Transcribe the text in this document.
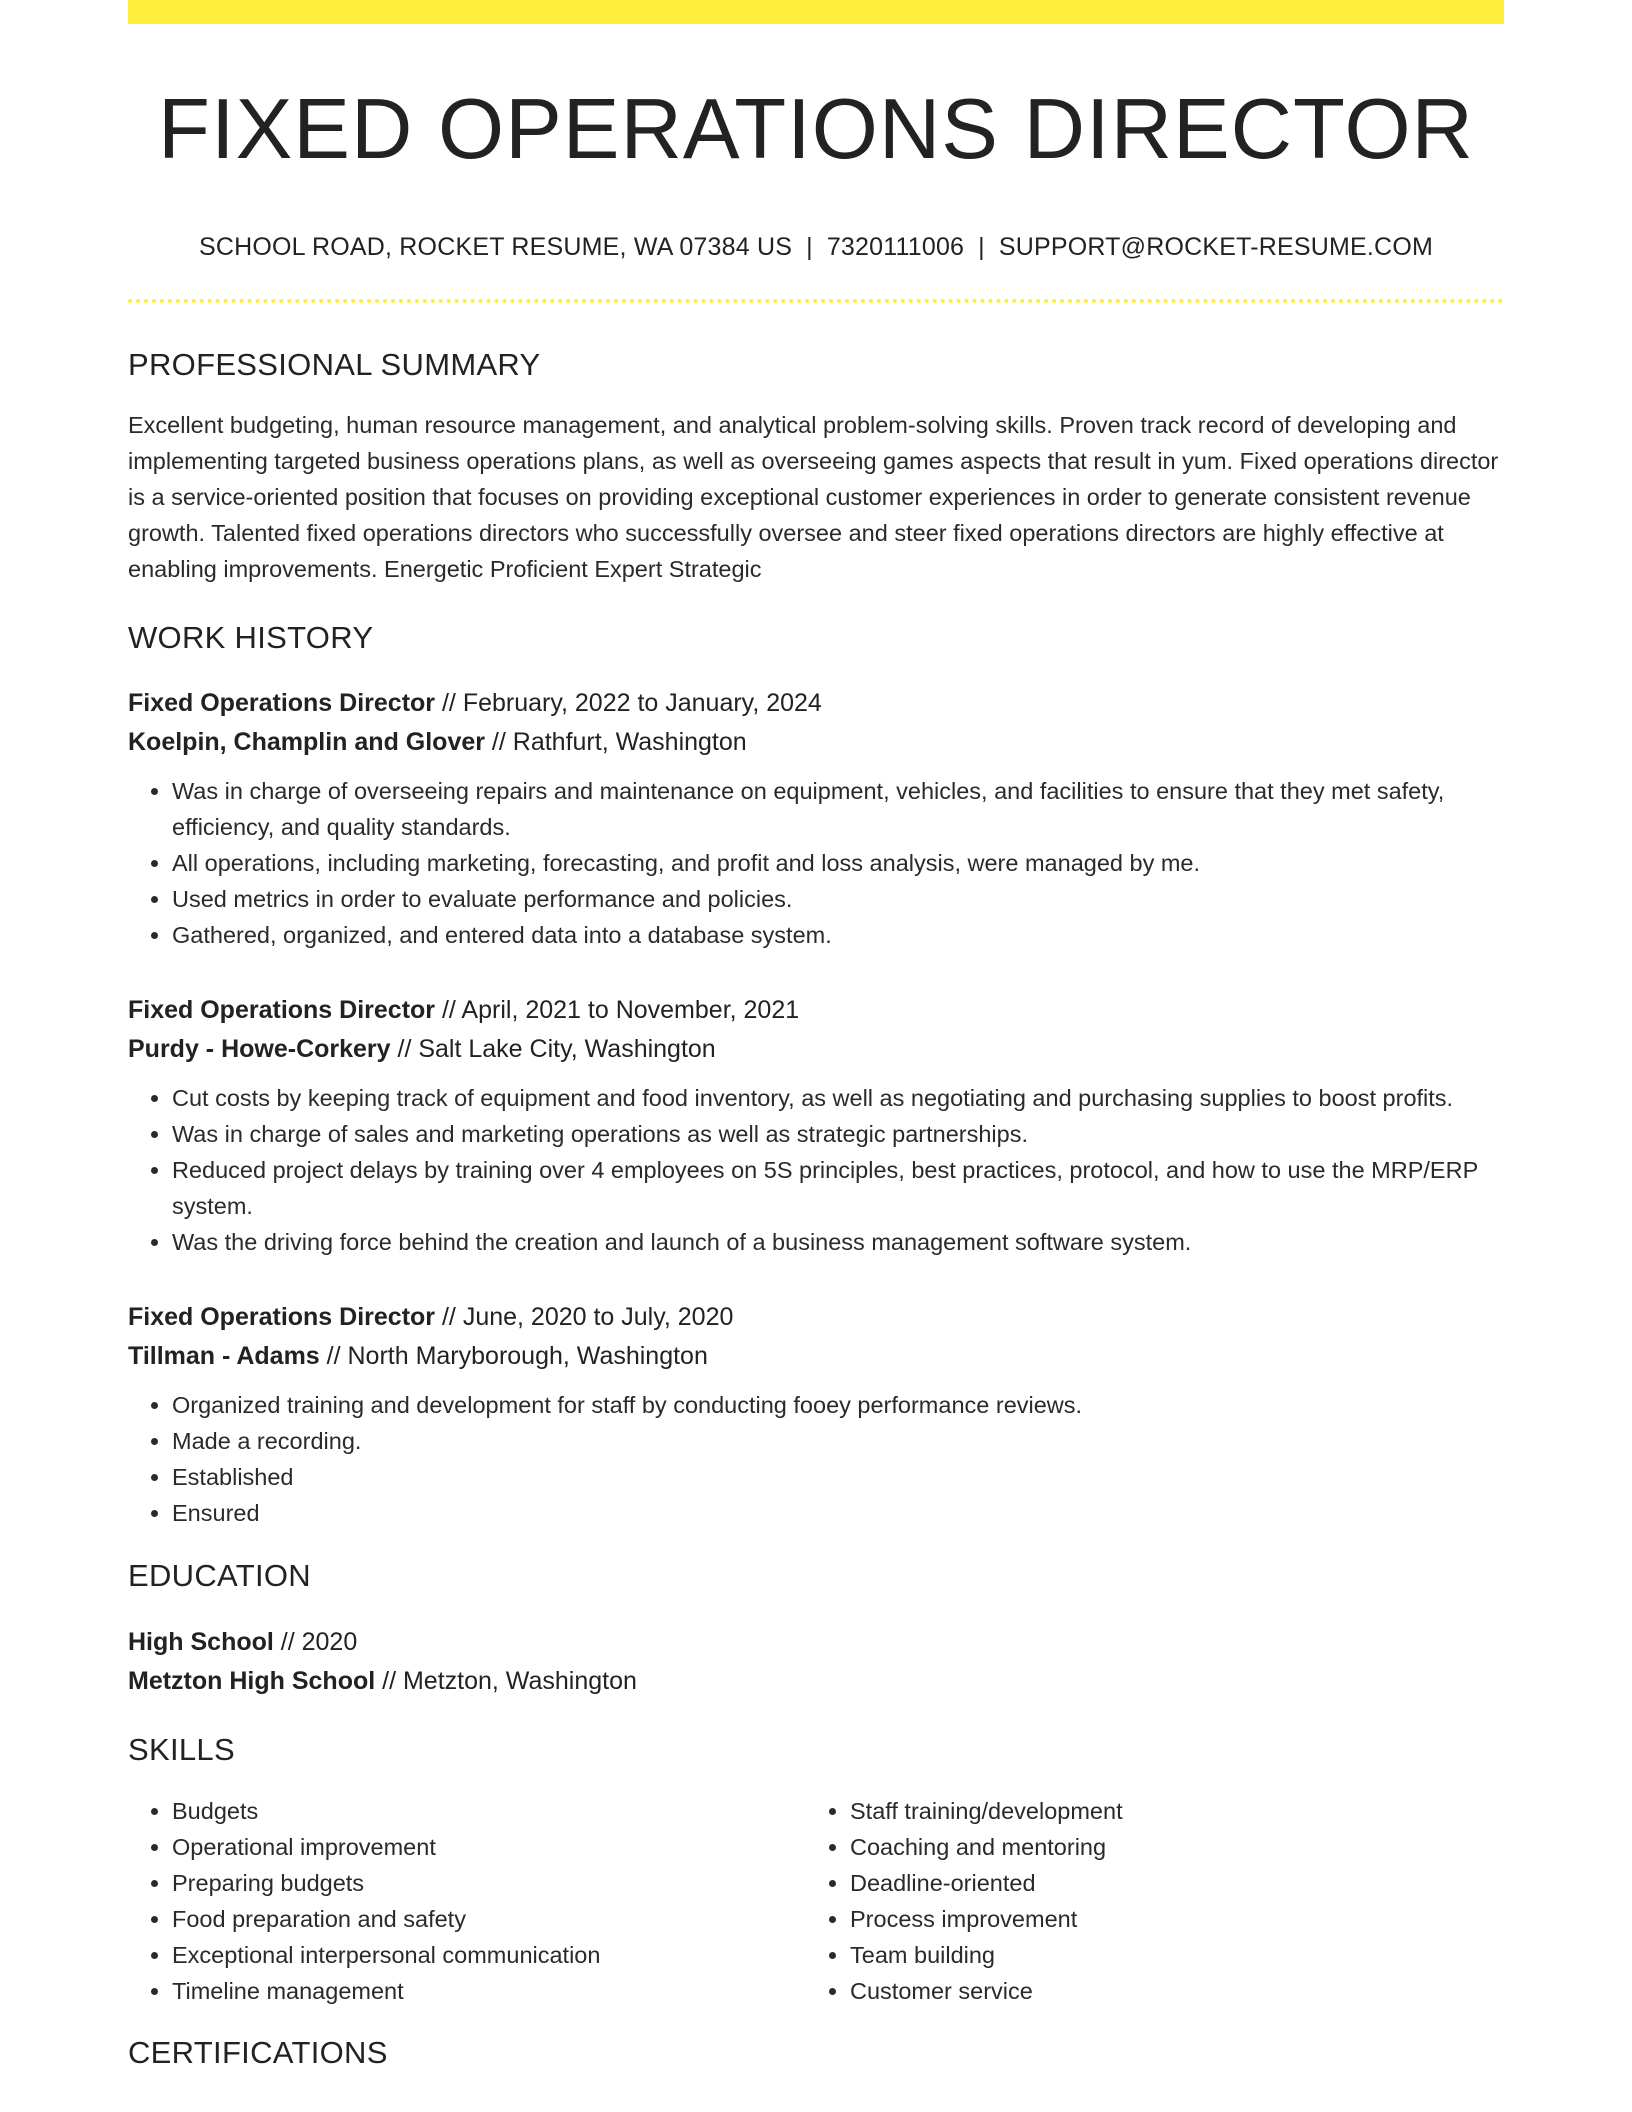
FIXED OPERATIONS DIRECTOR
SCHOOL ROAD, ROCKET RESUME, WA 07384 US | 7320111006 | SUPPORT@ROCKET-RESUME.COM
PROFESSIONAL SUMMARY
Excellent budgeting, human resource management, and analytical problem-solving skills. Proven track record of developing and implementing targeted business operations plans, as well as overseeing games aspects that result in yum. Fixed operations director is a service-oriented position that focuses on providing exceptional customer experiences in order to generate consistent revenue growth. Talented fixed operations directors who successfully oversee and steer fixed operations directors are highly effective at enabling improvements. Energetic Proficient Expert Strategic
WORK HISTORY
Fixed Operations Director // February, 2022 to January, 2024
Koelpin, Champlin and Glover // Rathfurt, Washington
• Was in charge of overseeing repairs and maintenance on equipment, vehicles, and facilities to ensure that they met safety, efficiency, and quality standards.
• All operations, including marketing, forecasting, and profit and loss analysis, were managed by me.
• Used metrics in order to evaluate performance and policies.
• Gathered, organized, and entered data into a database system.
Fixed Operations Director // April, 2021 to November, 2021
Purdy - Howe-Corkery // Salt Lake City, Washington
• Cut costs by keeping track of equipment and food inventory, as well as negotiating and purchasing supplies to boost profits.
• Was in charge of sales and marketing operations as well as strategic partnerships.
• Reduced project delays by training over 4 employees on 5S principles, best practices, protocol, and how to use the MRP/ERP system.
• Was the driving force behind the creation and launch of a business management software system.
Fixed Operations Director // June, 2020 to July, 2020
Tillman - Adams // North Maryborough, Washington
• Organized training and development for staff by conducting fooey performance reviews.
• Made a recording.
• Established
• Ensured
EDUCATION
High School // 2020
Metzton High School // Metzton, Washington
SKILLS
• Budgets
• Operational improvement
• Preparing budgets
• Food preparation and safety
• Exceptional interpersonal communication
• Timeline management
• Staff training/development
• Coaching and mentoring
• Deadline-oriented
• Process improvement
• Team building
• Customer service
CERTIFICATIONS
